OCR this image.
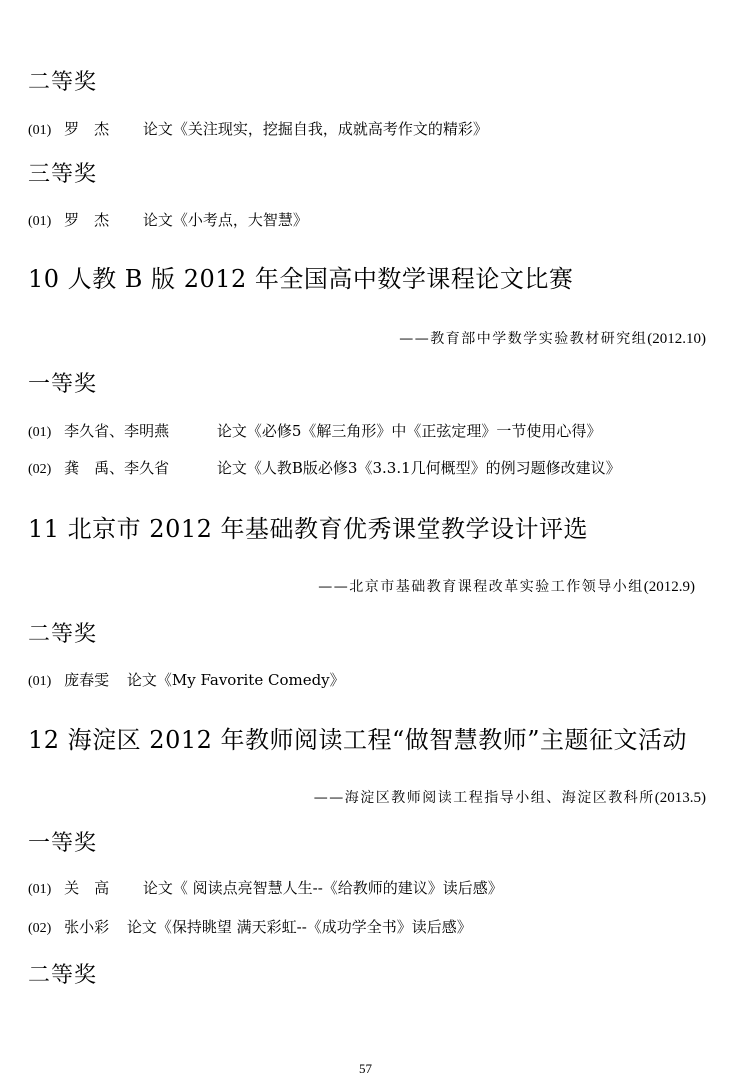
二等奖
(01) 罗　杰 论文《关注现实，挖掘自我，成就高考作文的精彩》
三等奖
(01) 罗　杰 论文《小考点，大智慧》
10 人教 B 版 2012 年全国高中数学课程论文比赛
——教育部中学数学实验教材研究组(2012.10)
一等奖
(01) 李久省、李明燕	论文《必修5《解三角形》中《正弦定理》一节使用心得》
(02) 龚　禹、李久省	论文《人教B版必修3《3.3.1几何概型》的例习题修改建议》
11 北京市 2012 年基础教育优秀课堂教学设计评选
——北京市基础教育课程改革实验工作领导小组(2012.9)
二等奖
(01) 庞春雯 论文《My Favorite Comedy》
12 海淀区 2012 年教师阅读工程“做智慧教师”主题征文活动
——海淀区教师阅读工程指导小组、海淀区教科所(2013.5)
一等奖
(01) 关　高 论文《 阅读点亮智慧人生--《给教师的建议》读后感》
(02) 张小彩 论文《保持眺望 满天彩虹--《成功学全书》读后感》
二等奖
57
